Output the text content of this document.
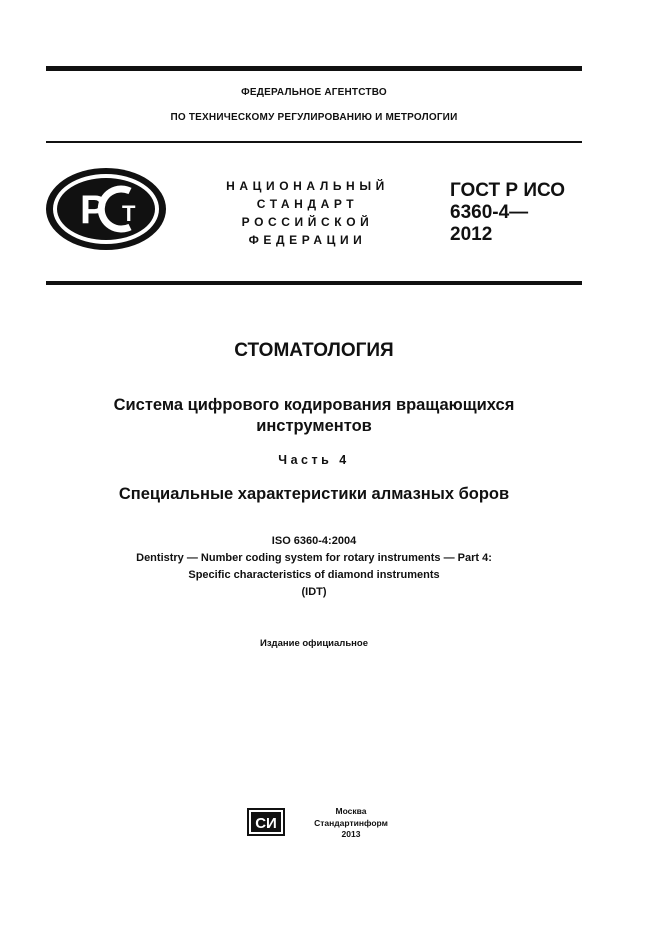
ФЕДЕРАЛЬНОЕ АГЕНТСТВО
ПО ТЕХНИЧЕСКОМУ РЕГУЛИРОВАНИЮ И МЕТРОЛОГИИ
Р Т
НАЦИОНАЛЬНЫЙ
СТАНДАРТ
РОССИЙСКОЙ
ФЕДЕРАЦИИ
ГОСТ Р ИСО
6360-4—
2012
СТОМАТОЛОГИЯ
Система цифрового кодирования вращающихся
инструментов
Часть 4
Специальные характеристики алмазных боров
ISO 6360-4:2004
Dentistry — Number coding system for rotary instruments — Part 4:
Specific characteristics of diamond instruments
(IDT)
Издание официальное
СИ
Москва
Стандартинформ
2013
